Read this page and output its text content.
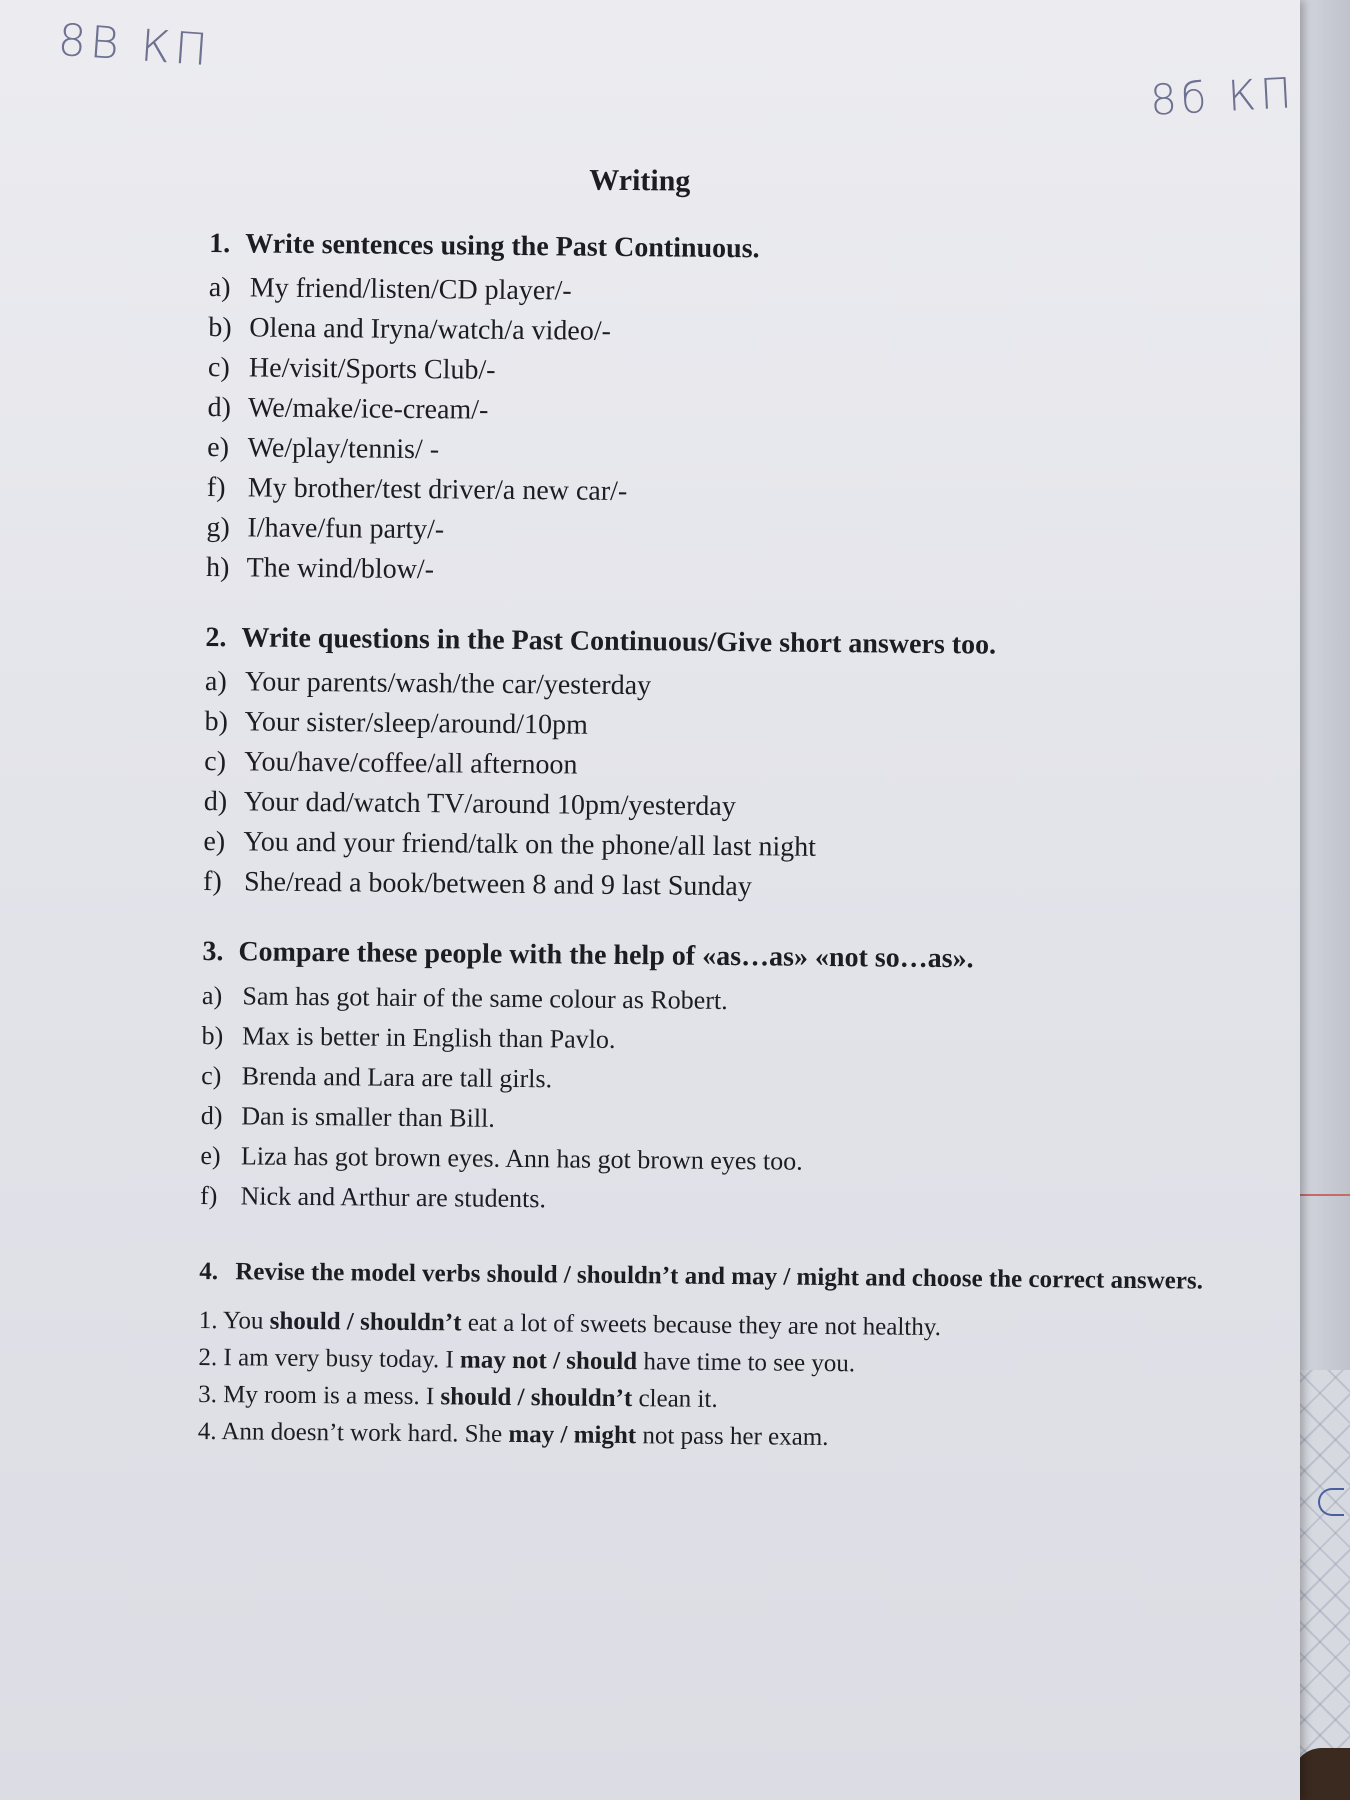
8В КП
8б КП
Writing
1. Write sentences using the Past Continuous.
a) My friend/listen/CD player/-
b) Olena and Iryna/watch/a video/-
c) He/visit/Sports Club/-
d) We/make/ice-cream/-
e) We/play/tennis/ -
f) My brother/test driver/a new car/-
g) I/have/fun party/-
h) The wind/blow/-
2. Write questions in the Past Continuous/Give short answers too.
a) Your parents/wash/the car/yesterday
b) Your sister/sleep/around/10pm
c) You/have/coffee/all afternoon
d) Your dad/watch TV/around 10pm/yesterday
e) You and your friend/talk on the phone/all last night
f) She/read a book/between 8 and 9 last Sunday
3. Compare these people with the help of «as…as» «not so…as».
a) Sam has got hair of the same colour as Robert.
b) Max is better in English than Pavlo.
c) Brenda and Lara are tall girls.
d) Dan is smaller than Bill.
e) Liza has got brown eyes. Ann has got brown eyes too.
f) Nick and Arthur are students.
4. Revise the model verbs should / shouldn’t and may / might and choose the correct answers.
1. You should / shouldn’t eat a lot of sweets because they are not healthy.
2. I am very busy today. I may not / should have time to see you.
3. My room is a mess. I should / shouldn’t clean it.
4. Ann doesn’t work hard. She may / might not pass her exam.
